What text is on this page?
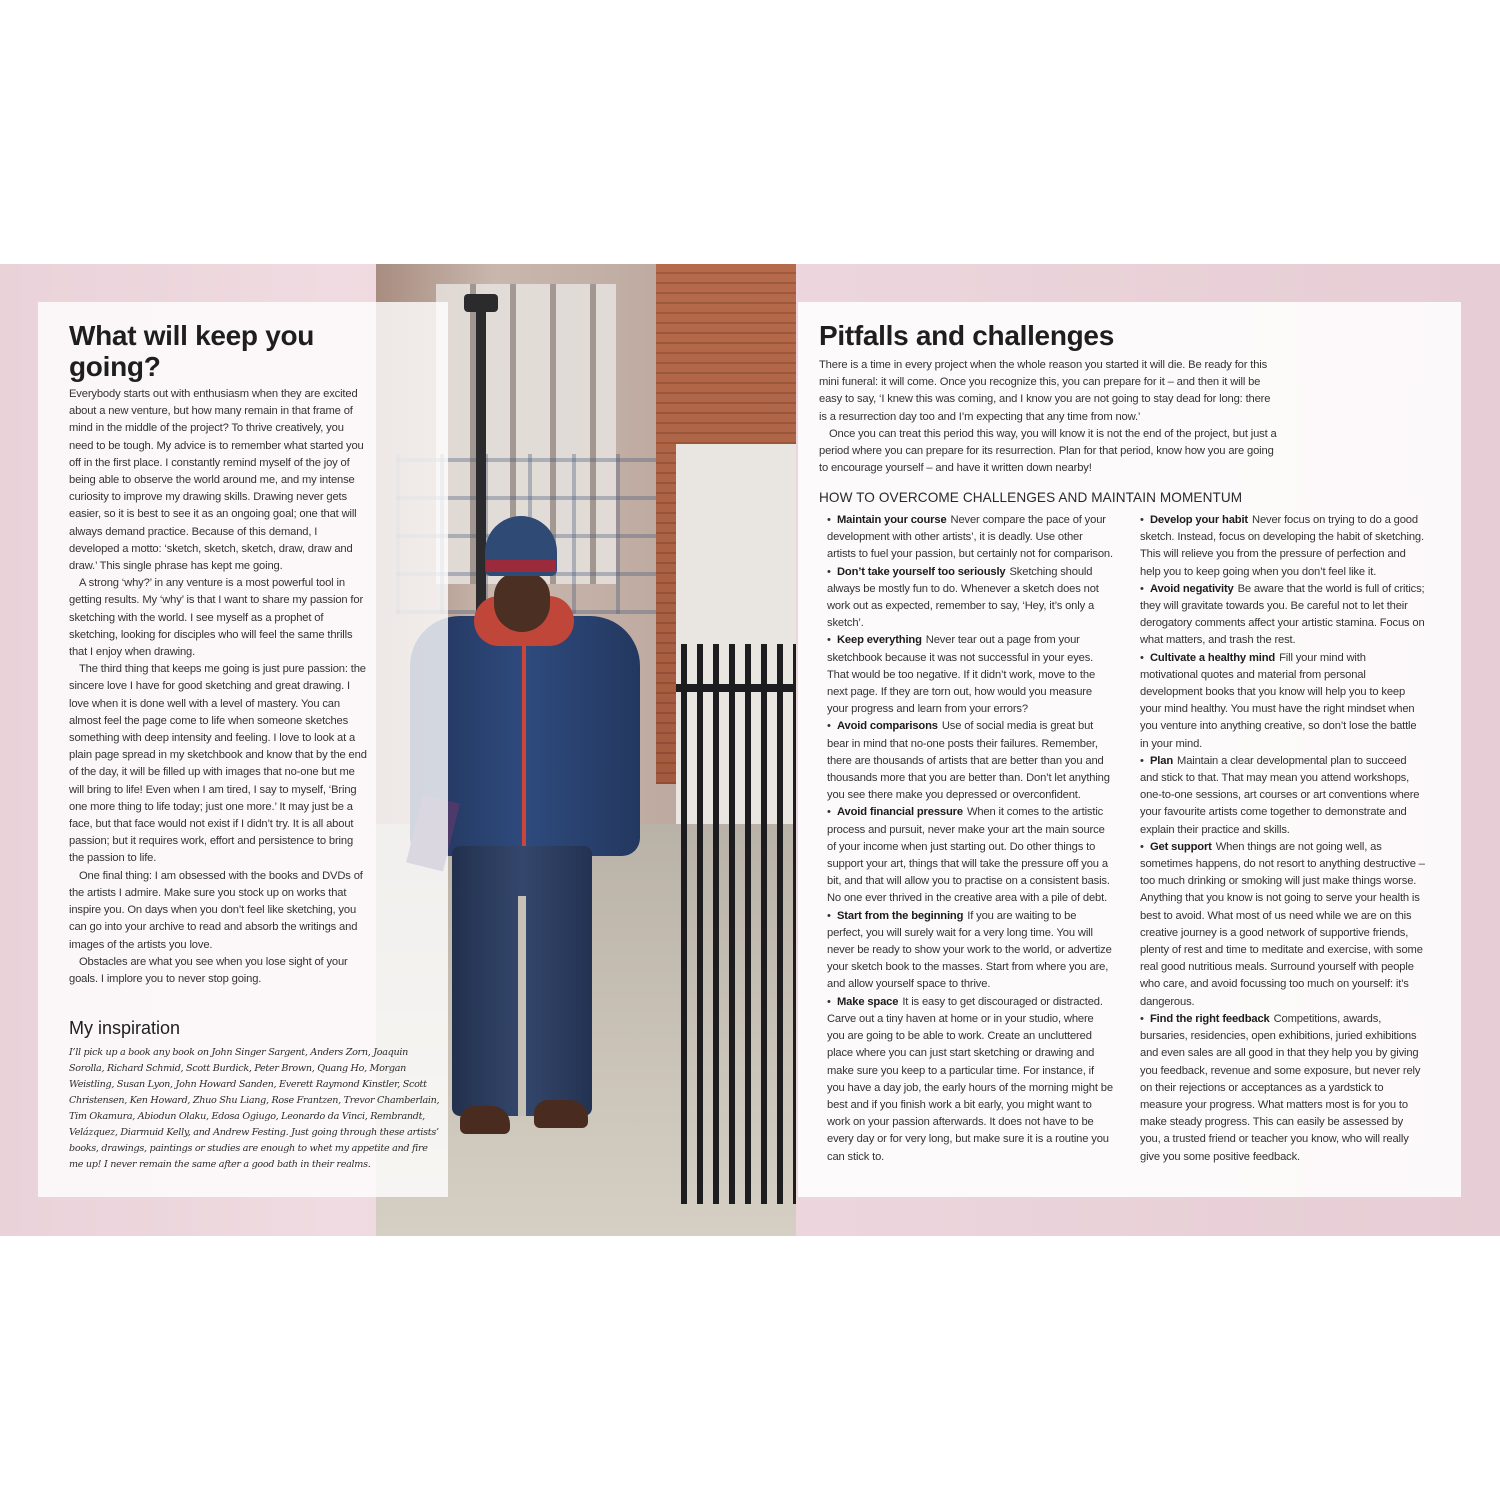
What will keep you going?

Everybody starts out with enthusiasm when they are excited about a new venture, but how many remain in that frame of mind in the middle of the project? To thrive creatively, you need to be tough. My advice is to remember what started you off in the first place. I constantly remind myself of the joy of being able to observe the world around me, and my intense curiosity to improve my drawing skills. Drawing never gets easier, so it is best to see it as an ongoing goal; one that will always demand practice. Because of this demand, I developed a motto: ‘sketch, sketch, sketch, draw, draw and draw.’ This single phrase has kept me going.

A strong ‘why?’ in any venture is a most powerful tool in getting results. My ‘why’ is that I want to share my passion for sketching with the world. I see myself as a prophet of sketching, looking for disciples who will feel the same thrills that I enjoy when drawing.

The third thing that keeps me going is just pure passion: the sincere love I have for good sketching and great drawing. I love when it is done well with a level of mastery. You can almost feel the page come to life when someone sketches something with deep intensity and feeling. I love to look at a plain page spread in my sketchbook and know that by the end of the day, it will be filled up with images that no-one but me will bring to life! Even when I am tired, I say to myself, ‘Bring one more thing to life today; just one more.’ It may just be a face, but that face would not exist if I didn’t try. It is all about passion; but it requires work, effort and persistence to bring the passion to life.

One final thing: I am obsessed with the books and DVDs of the artists I admire. Make sure you stock up on works that inspire you. On days when you don’t feel like sketching, you can go into your archive to read and absorb the writings and images of the artists you love.

Obstacles are what you see when you lose sight of your goals. I implore you to never stop going.

My inspiration
I’ll pick up a book any book on John Singer Sargent, Anders Zorn, Joaquin Sorolla, Richard Schmid, Scott Burdick, Peter Brown, Quang Ho, Morgan Weistling, Susan Lyon, John Howard Sanden, Everett Raymond Kinstler, Scott Christensen, Ken Howard, Zhuo Shu Liang, Rose Frantzen, Trevor Chamberlain, Tim Okamura, Abiodun Olaku, Edosa Ogiugo, Leonardo da Vinci, Rembrandt, Velázquez, Diarmuid Kelly, and Andrew Festing. Just going through these artists’ books, drawings, paintings or studies are enough to whet my appetite and fire me up! I never remain the same after a good bath in their realms.
Pitfalls and challenges

There is a time in every project when the whole reason you started it will die. Be ready for this mini funeral: it will come. Once you recognize this, you can prepare for it – and then it will be easy to say, ‘I knew this was coming, and I know you are not going to stay dead for long: there is a resurrection day too and I’m expecting that any time from now.’

Once you can treat this period this way, you will know it is not the end of the project, but just a period where you can prepare for its resurrection. Plan for that period, know how you are going to encourage yourself – and have it written down nearby!

HOW TO OVERCOME CHALLENGES AND MAINTAIN MOMENTUM

• Maintain your course Never compare the pace of your development with other artists’, it is deadly. Use other artists to fuel your passion, but certainly not for comparison.

• Don’t take yourself too seriously Sketching should always be mostly fun to do. Whenever a sketch does not work out as expected, remember to say, ‘Hey, it’s only a sketch’.

• Keep everything Never tear out a page from your sketchbook because it was not successful in your eyes. That would be too negative. If it didn’t work, move to the next page. If they are torn out, how would you measure your progress and learn from your errors?

• Avoid comparisons Use of social media is great but bear in mind that no-one posts their failures. Remember, there are thousands of artists that are better than you and thousands more that you are better than. Don’t let anything you see there make you depressed or overconfident.

• Avoid financial pressure When it comes to the artistic process and pursuit, never make your art the main source of your income when just starting out. Do other things to support your art, things that will take the pressure off you a bit, and that will allow you to practise on a consistent basis. No one ever thrived in the creative area with a pile of debt.

• Start from the beginning If you are waiting to be perfect, you will surely wait for a very long time. You will never be ready to show your work to the world, or advertize your sketch book to the masses. Start from where you are, and allow yourself space to thrive.

• Make space It is easy to get discouraged or distracted. Carve out a tiny haven at home or in your studio, where you are going to be able to work. Create an uncluttered place where you can just start sketching or drawing and make sure you keep to a particular time. For instance, if you have a day job, the early hours of the morning might be best and if you finish work a bit early, you might want to work on your passion afterwards. It does not have to be every day or for very long, but make sure it is a routine you can stick to.

• Develop your habit Never focus on trying to do a good sketch. Instead, focus on developing the habit of sketching. This will relieve you from the pressure of perfection and help you to keep going when you don’t feel like it.

• Avoid negativity Be aware that the world is full of critics; they will gravitate towards you. Be careful not to let their derogatory comments affect your artistic stamina. Focus on what matters, and trash the rest.

• Cultivate a healthy mind Fill your mind with motivational quotes and material from personal development books that you know will help you to keep your mind healthy. You must have the right mindset when you venture into anything creative, so don’t lose the battle in your mind.

• Plan Maintain a clear developmental plan to succeed and stick to that. That may mean you attend workshops, one-to-one sessions, art courses or art conventions where your favourite artists come together to demonstrate and explain their practice and skills.

• Get support When things are not going well, as sometimes happens, do not resort to anything destructive – too much drinking or smoking will just make things worse. Anything that you know is not going to serve your health is best to avoid. What most of us need while we are on this creative journey is a good network of supportive friends, plenty of rest and time to meditate and exercise, with some real good nutritious meals. Surround yourself with people who care, and avoid focussing too much on yourself: it’s dangerous.

• Find the right feedback Competitions, awards, bursaries, residencies, open exhibitions, juried exhibitions and even sales are all good in that they help you by giving you feedback, revenue and some exposure, but never rely on their rejections or acceptances as a yardstick to measure your progress. What matters most is for you to make steady progress. This can easily be assessed by you, a trusted friend or teacher you know, who will really give you some positive feedback.
